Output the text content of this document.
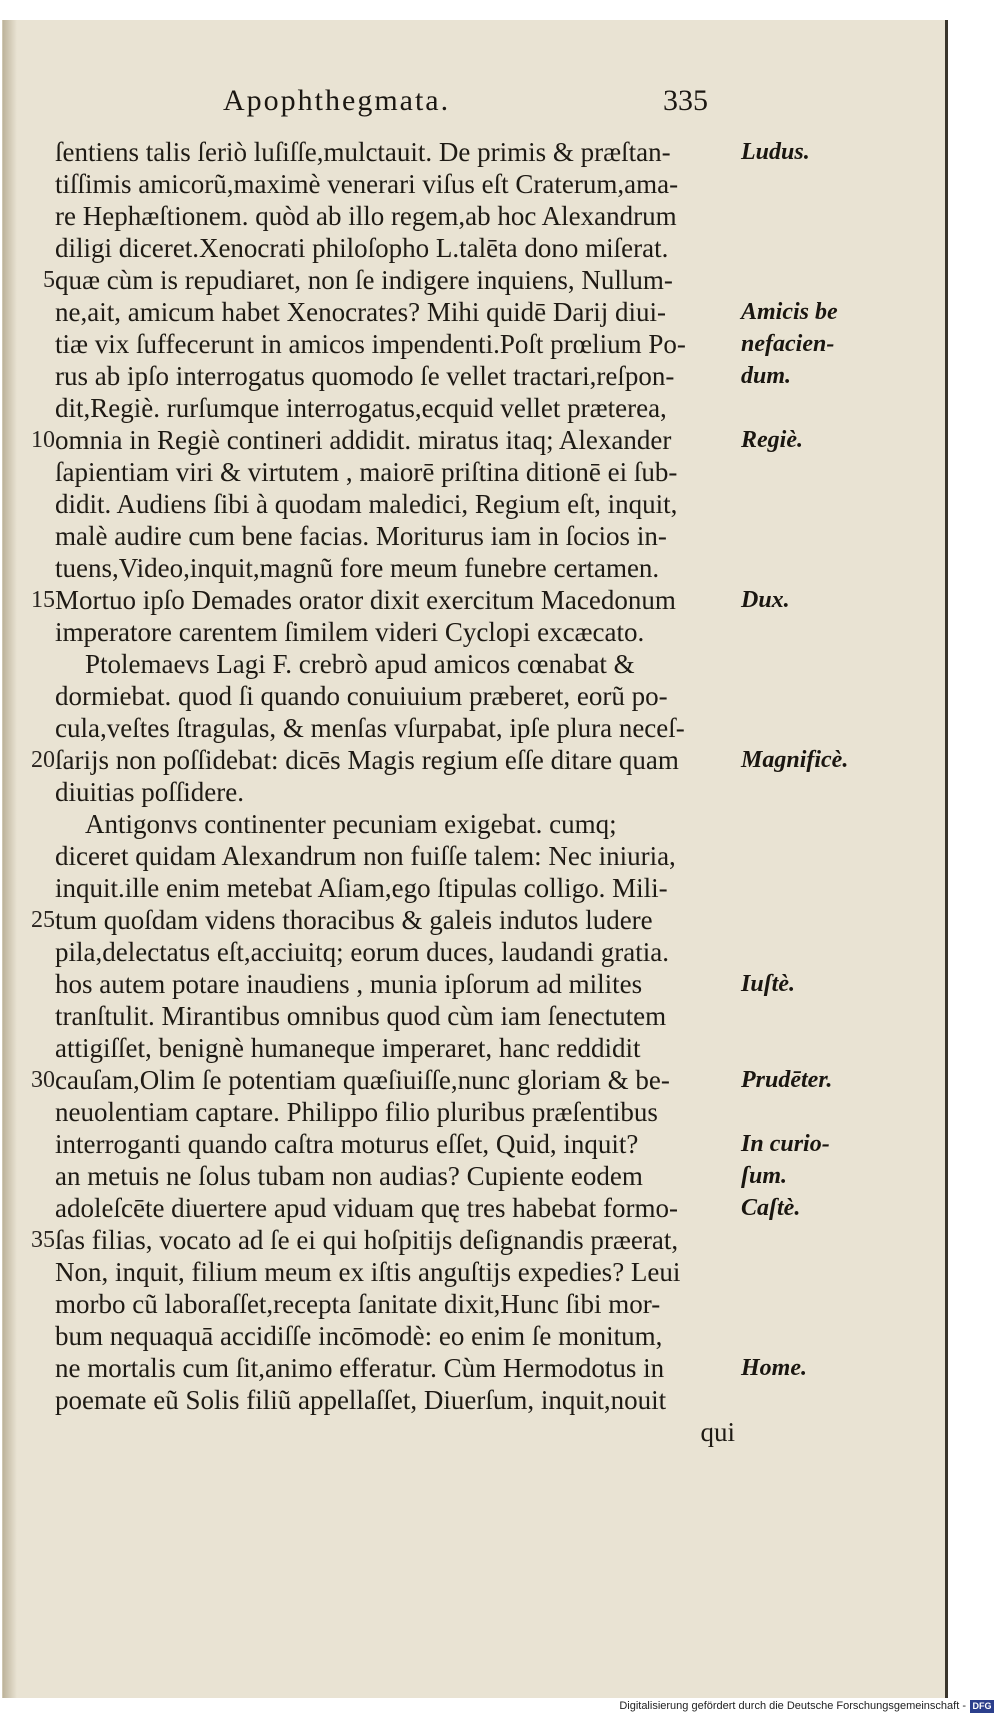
Apophthegmata.	335
ſentiens talis ſeriò luſiſſe,mulctauit. De primis & præſtan-	Ludus.
tiſſimis amicorũ,maximè venerari viſus eſt Craterum,ama-
re Hephæſtionem. quòd ab illo regem,ab hoc Alexandrum
diligi diceret.Xenocrati philoſopho L.talēta dono miſerat.
5 quæ cùm is repudiaret, non ſe indigere inquiens, Nullum-
ne,ait, amicum habet Xenocrates? Mihi quidē Darij diui-	Amicis be
tiæ vix ſuffecerunt in amicos impendenti.Poſt prœlium Po-	nefacien-
rus ab ipſo interrogatus quomodo ſe vellet tractari,reſpon-	dum.
dit,Regiè. rurſumque interrogatus,ecquid vellet præterea,
10 omnia in Regiè contineri addidit. miratus itaq; Alexander	Regiè.
ſapientiam viri & virtutem , maiorē priſtina ditionē ei ſub-
didit. Audiens ſibi à quodam maledici, Regium eſt, inquit,
malè audire cum bene facias. Moriturus iam in ſocios in-
tuens,Video,inquit,magnũ fore meum funebre certamen.
15 Mortuo ipſo Demades orator dixit exercitum Macedonum	Dux.
imperatore carentem ſimilem videri Cyclopi excæcato.
Ptolemaevs Lagi F. crebrò apud amicos cœnabat &
dormiebat. quod ſi quando conuiuium præberet, eorũ po-
cula,veſtes ſtragulas, & menſas vſurpabat, ipſe plura neceſ-
20 ſarijs non poſſidebat: dicēs Magis regium eſſe ditare quam	Magnificè.
diuitias poſſidere.
Antigonvs continenter pecuniam exigebat. cumq;
diceret quidam Alexandrum non fuiſſe talem: Nec iniuria,
inquit.ille enim metebat Aſiam,ego ſtipulas colligo. Mili-
25 tum quoſdam videns thoracibus & galeis indutos ludere
pila,delectatus eſt,acciuitq; eorum duces, laudandi gratia.
hos autem potare inaudiens , munia ipſorum ad milites	Iuſtè.
tranſtulit. Mirantibus omnibus quod cùm iam ſenectutem
attigiſſet, benignè humaneque imperaret, hanc reddidit
30 cauſam,Olim ſe potentiam quæſiuiſſe,nunc gloriam & be-	Prudēter.
neuolentiam captare. Philippo filio pluribus præſentibus
interroganti quando caſtra moturus eſſet, Quid, inquit?	In curio-
an metuis ne ſolus tubam non audias? Cupiente eodem	ſum.
adoleſcēte diuertere apud viduam quę tres habebat formo-	Caſtè.
35 ſas filias, vocato ad ſe ei qui hoſpitijs deſignandis præerat,
Non, inquit, filium meum ex iſtis anguſtijs expedies? Leui
morbo cũ laboraſſet,recepta ſanitate dixit,Hunc ſibi mor-
bum nequaquā accidiſſe incōmodè: eo enim ſe monitum,
ne mortalis cum ſit,animo efferatur. Cùm Hermodotus in	Home.
poemate eũ Solis filiũ appellaſſet, Diuerſum, inquit,nouit
qui
Digitalisierung gefördert durch die Deutsche Forschungsgemeinschaft - DFG
